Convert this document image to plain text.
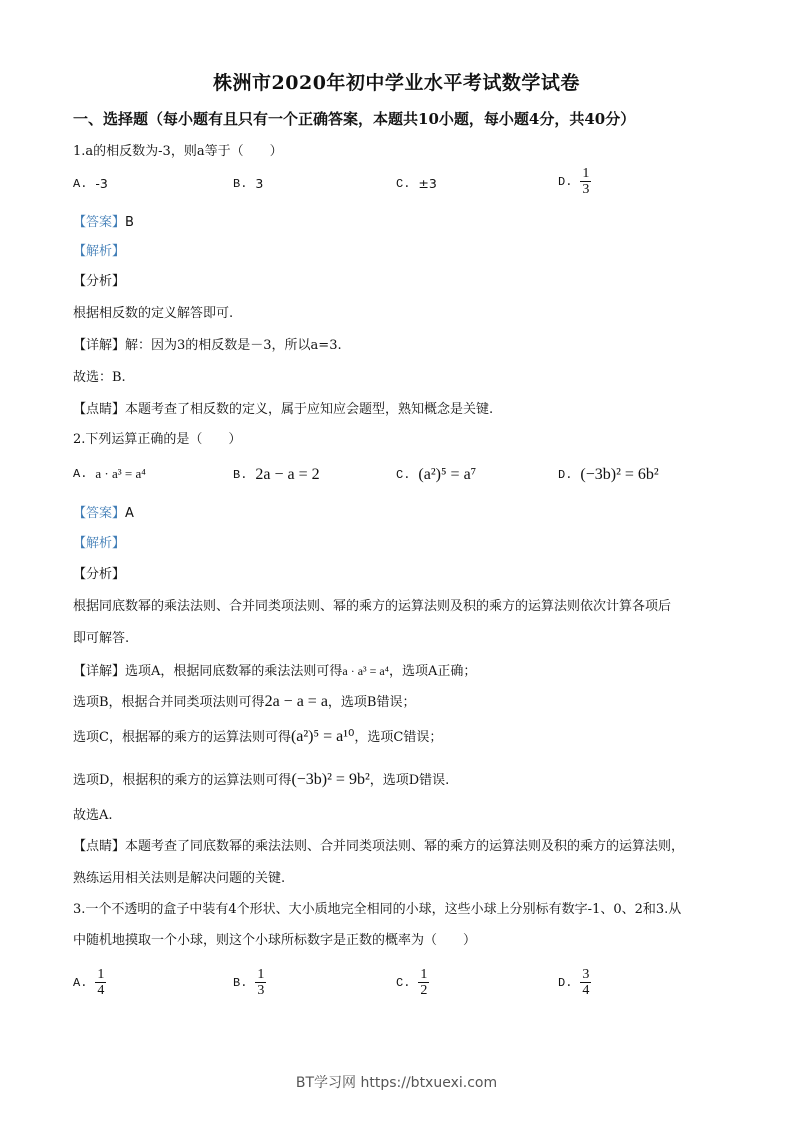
株洲市2020年初中学业水平考试数学试卷
一、选择题（每小题有且只有一个正确答案，本题共10小题，每小题4分，共40分）
1.a的相反数为-3，则a等于（　　）
A. -3	B. 3	C. ±3	D. $\frac{1}{3}$
【答案】B
【解析】
【分析】
根据相反数的定义解答即可.
【详解】解：因为3的相反数是－3，所以a=3.
故选：B.
【点睛】本题考查了相反数的定义，属于应知应会题型，熟知概念是关键.
2.下列运算正确的是（　　）
A. a · a³ = a⁴	B. 2a − a = 2	C. (a²)⁵ = a⁷	D. (−3b)² = 6b²
【答案】A
【解析】
【分析】
根据同底数幂的乘法法则、合并同类项法则、幂的乘方的运算法则及积的乘方的运算法则依次计算各项后
即可解答.
【详解】选项A，根据同底数幂的乘法法则可得a · a³ = a⁴，选项A正确；
选项B，根据合并同类项法则可得2a − a = a，选项B错误；
选项C，根据幂的乘方的运算法则可得(a²)⁵ = a¹⁰，选项C错误；
选项D，根据积的乘方的运算法则可得(−3b)² = 9b²，选项D错误.
故选A.
【点睛】本题考查了同底数幂的乘法法则、合并同类项法则、幂的乘方的运算法则及积的乘方的运算法则，
熟练运用相关法则是解决问题的关键.
3.一个不透明的盒子中装有4个形状、大小质地完全相同的小球，这些小球上分别标有数字-1、0、2和3.从
中随机地摸取一个小球，则这个小球所标数字是正数的概率为（　　）
A. $\frac{1}{4}$	B. $\frac{1}{3}$	C. $\frac{1}{2}$	D. $\frac{3}{4}$
BT学习网 https://btxuexi.com
